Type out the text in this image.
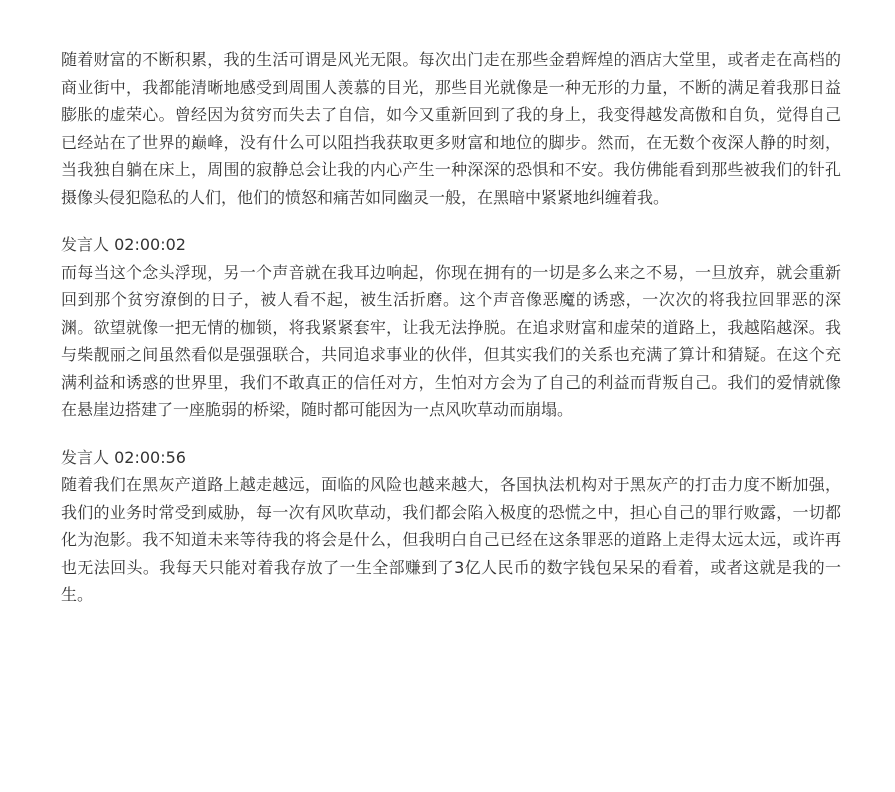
随着财富的不断积累，我的生活可谓是风光无限。每次出门走在那些金碧辉煌的酒店大堂里，或者走在高档的商业街中，我都能清晰地感受到周围人羡慕的目光，那些目光就像是一种无形的力量，不断的满足着我那日益膨胀的虚荣心。曾经因为贫穷而失去了自信，如今又重新回到了我的身上，我变得越发高傲和自负，觉得自己已经站在了世界的巅峰，没有什么可以阻挡我获取更多财富和地位的脚步。然而，在无数个夜深人静的时刻，当我独自躺在床上，周围的寂静总会让我的内心产生一种深深的恐惧和不安。我仿佛能看到那些被我们的针孔摄像头侵犯隐私的人们，他们的愤怒和痛苦如同幽灵一般，在黑暗中紧紧地纠缠着我。

发言人 02:00:02

而每当这个念头浮现，另一个声音就在我耳边响起，你现在拥有的一切是多么来之不易，一旦放弃，就会重新回到那个贫穷潦倒的日子，被人看不起，被生活折磨。这个声音像恶魔的诱惑，一次次的将我拉回罪恶的深渊。欲望就像一把无情的枷锁，将我紧紧套牢，让我无法挣脱。在追求财富和虚荣的道路上，我越陷越深。我与柴靓丽之间虽然看似是强强联合，共同追求事业的伙伴，但其实我们的关系也充满了算计和猜疑。在这个充满利益和诱惑的世界里，我们不敢真正的信任对方，生怕对方会为了自己的利益而背叛自己。我们的爱情就像在悬崖边搭建了一座脆弱的桥梁，随时都可能因为一点风吹草动而崩塌。

发言人 02:00:56

随着我们在黑灰产道路上越走越远，面临的风险也越来越大，各国执法机构对于黑灰产的打击力度不断加强，我们的业务时常受到威胁，每一次有风吹草动，我们都会陷入极度的恐慌之中，担心自己的罪行败露，一切都化为泡影。我不知道未来等待我的将会是什么，但我明白自己已经在这条罪恶的道路上走得太远太远，或许再也无法回头。我每天只能对着我存放了一生全部赚到了3亿人民币的数字钱包呆呆的看着，或者这就是我的一生。
